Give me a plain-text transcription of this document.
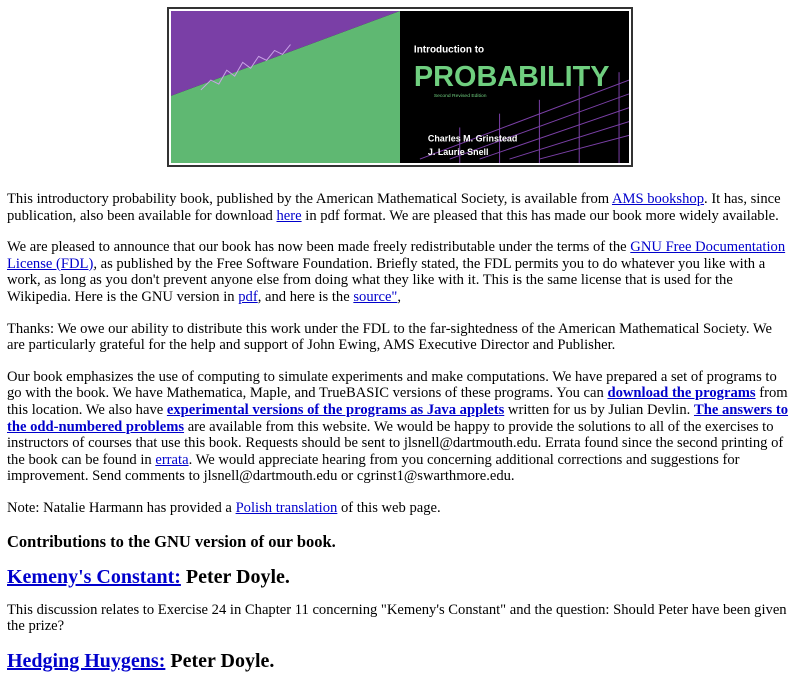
Introduction to
PROBABILITY
Second Revised Edition
Charles M. Grinstead
J. Laurie Snell

This introductory probability book, published by the American Mathematical Society, is available from AMS bookshop. It has, since publication, also been available for download here in pdf format. We are pleased that this has made our book more widely available.

We are pleased to announce that our book has now been made freely redistributable under the terms of the GNU Free Documentation License (FDL), as published by the Free Software Foundation. Briefly stated, the FDL permits you to do whatever you like with a work, as long as you don't prevent anyone else from doing what they like with it. This is the same license that is used for the Wikipedia. Here is the GNU version in pdf, and here is the source",

Thanks: We owe our ability to distribute this work under the FDL to the far-sightedness of the American Mathematical Society. We are particularly grateful for the help and support of John Ewing, AMS Executive Director and Publisher.

Our book emphasizes the use of computing to simulate experiments and make computations. We have prepared a set of programs to go with the book. We have Mathematica, Maple, and TrueBASIC versions of these programs. You can download the programs from this location. We also have experimental versions of the programs as Java applets written for us by Julian Devlin. The answers to the odd-numbered problems are available from this website. We would be happy to provide the solutions to all of the exercises to instructors of courses that use this book. Requests should be sent to jlsnell@dartmouth.edu. Errata found since the second printing of the book can be found in errata. We would appreciate hearing from you concerning additional corrections and suggestions for improvement. Send comments to jlsnell@dartmouth.edu or cgrinst1@swarthmore.edu.

Note: Natalie Harmann has provided a Polish translation of this web page.

Contributions to the GNU version of our book.
Kemeny's Constant: Peter Doyle.

This discussion relates to Exercise 24 in Chapter 11 concerning "Kemeny's Constant" and the question: Should Peter have been given the prize?

Hedging Huygens: Peter Doyle.
